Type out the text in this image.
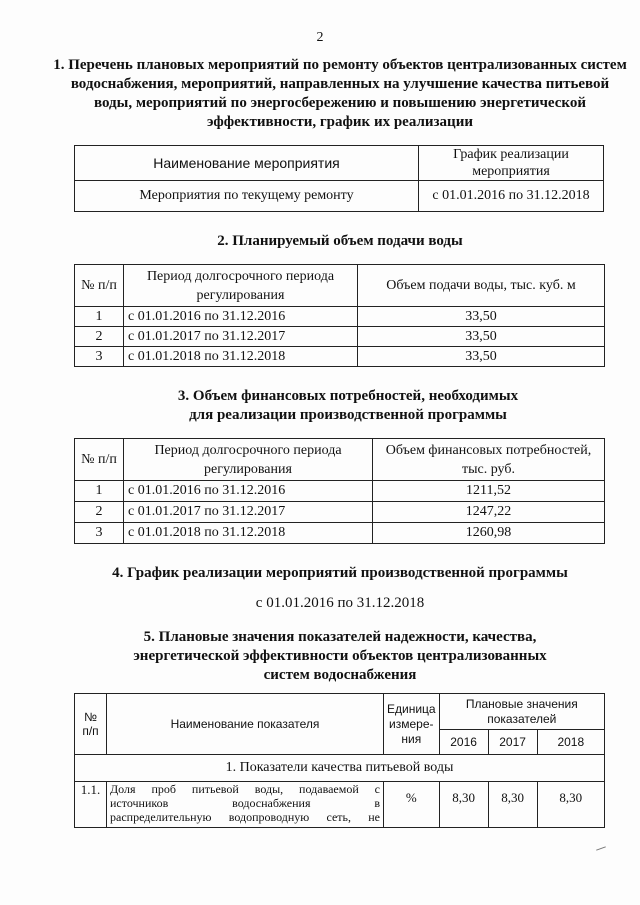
2
1. Перечень плановых мероприятий по ремонту объектов централизованных систем водоснабжения, мероприятий, направленных на улучшение качества питьевой воды, мероприятий по энергосбережению и повышению энергетической эффективности, график их реализации
Наименование мероприятия	График реализации мероприятия
Мероприятия по текущему ремонту	с 01.01.2016 по 31.12.2018
2. Планируемый объем подачи воды
№ п/п	Период долгосрочного периода регулирования	Объем подачи воды, тыс. куб. м
1	с 01.01.2016 по 31.12.2016	33,50
2	с 01.01.2017 по 31.12.2017	33,50
3	с 01.01.2018 по 31.12.2018	33,50
3. Объем финансовых потребностей, необходимых для реализации производственной программы
№ п/п	Период долгосрочного периода регулирования	Объем финансовых потребностей, тыс. руб.
1	с 01.01.2016 по 31.12.2016	1211,52
2	с 01.01.2017 по 31.12.2017	1247,22
3	с 01.01.2018 по 31.12.2018	1260,98
4. График реализации мероприятий производственной программы
с 01.01.2016 по 31.12.2018
5. Плановые значения показателей надежности, качества, энергетической эффективности объектов централизованных систем водоснабжения
№ п/п	Наименование показателя	Единица измере- ния	Плановые значения показателей		
			2016	2017	2018
1. Показатели качества питьевой воды					
1.1.	Доля проб питьевой воды, подаваемой с
источников водоснабжения в
распределительную водопроводную сеть, не	%	8,30	8,30	8,30
